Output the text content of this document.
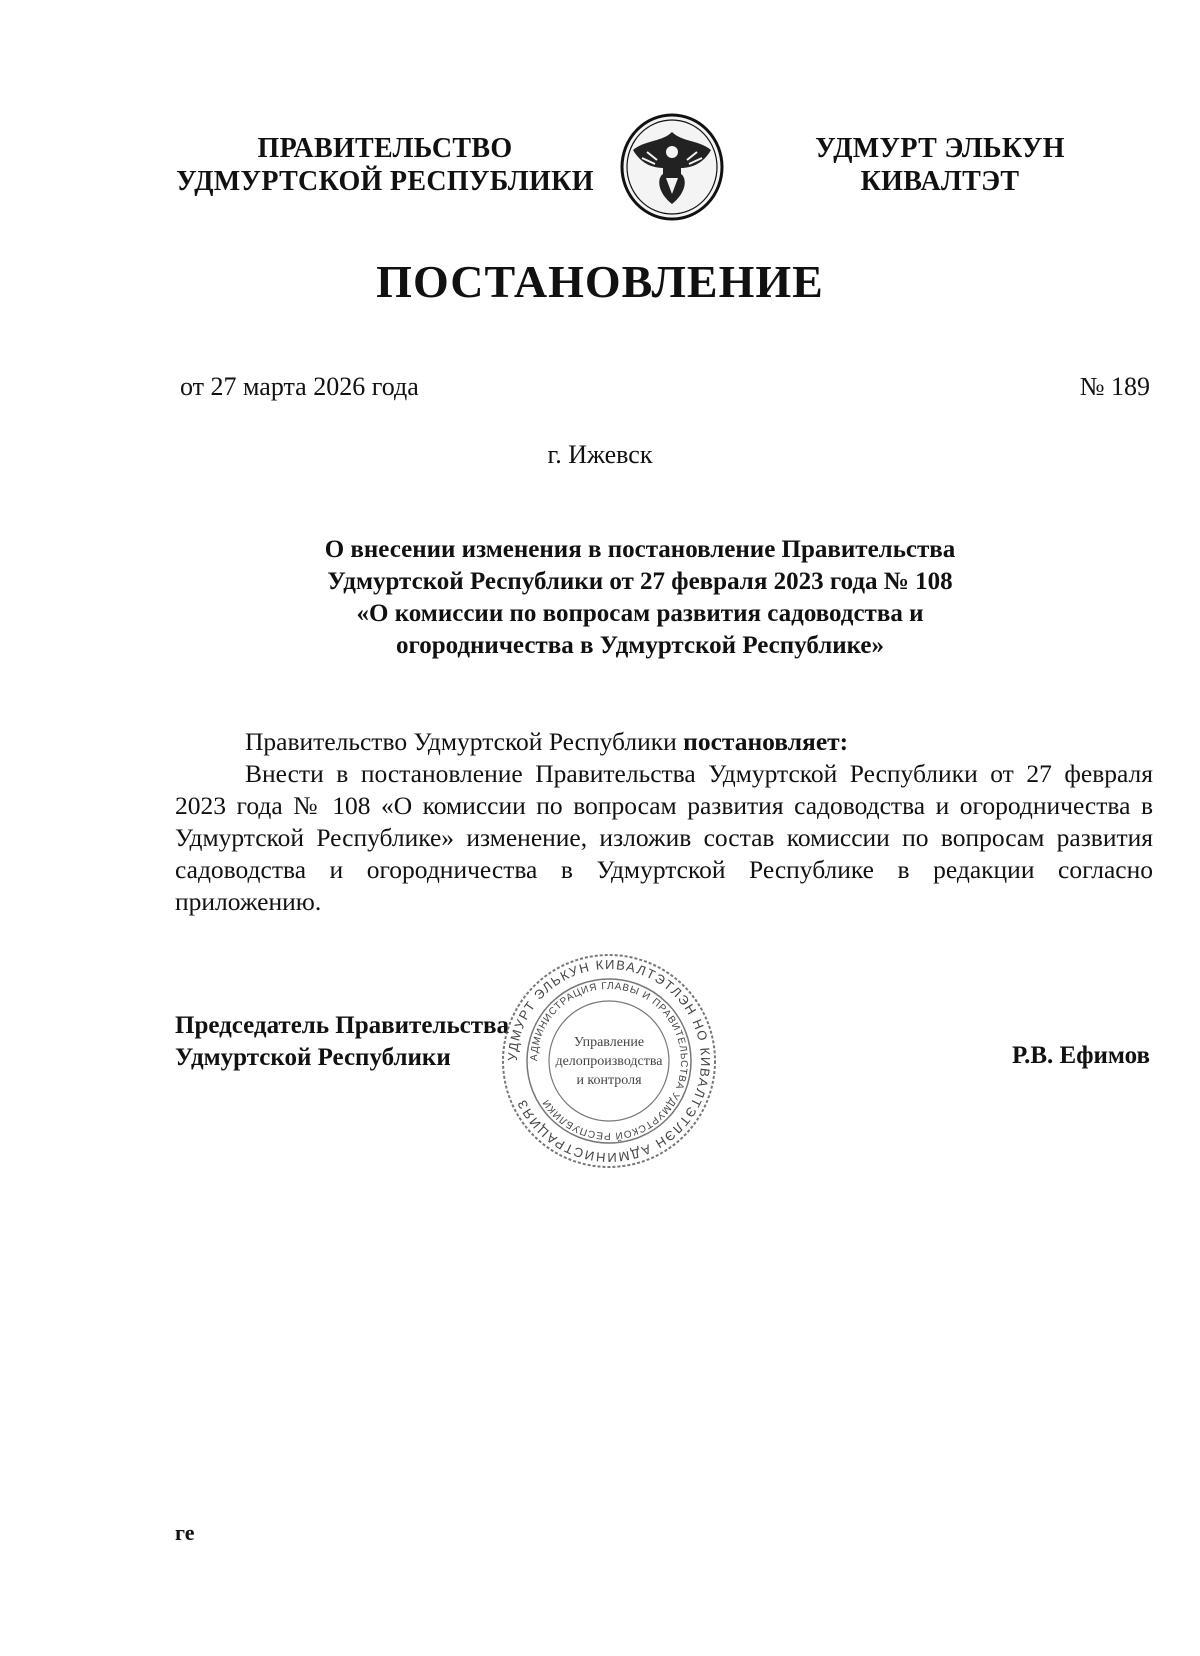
ПРАВИТЕЛЬСТВО
УДМУРТСКОЙ РЕСПУБЛИКИ
УДМУРТ ЭЛЬКУН
КИВАЛТЭТ
ПОСТАНОВЛЕНИЕ
от 27 марта 2026 года	№ 189
г. Ижевск
О внесении изменения в постановление Правительства
Удмуртской Республики от 27 февраля 2023 года № 108
«О комиссии по вопросам развития садоводства и
огородничества в Удмуртской Республике»

Правительство Удмуртской Республики постановляет:

Внести в постановление Правительства Удмуртской Республики от 27 февраля 2023 года № 108 «О комиссии по вопросам развития садоводства и огородничества в Удмуртской Республике» изменение, изложив состав комиссии по вопросам развития садоводства и огородничества в Удмуртской Республике в редакции согласно приложению.

Председатель Правительства
Удмуртской Республики	Р.В. Ефимов
УДМУРТ ЭЛЬКУН КИВАЛТЭТЛЭН НО КИВАЛТЭТЛЭН АДМИНИСТРАЦИЯЗ
АДМИНИСТРАЦИЯ ГЛАВЫ И ПРАВИТЕЛЬСТВА УДМУРТСКОЙ РЕСПУБЛИКИ
Управление
делопроизводства
и контроля
ге
